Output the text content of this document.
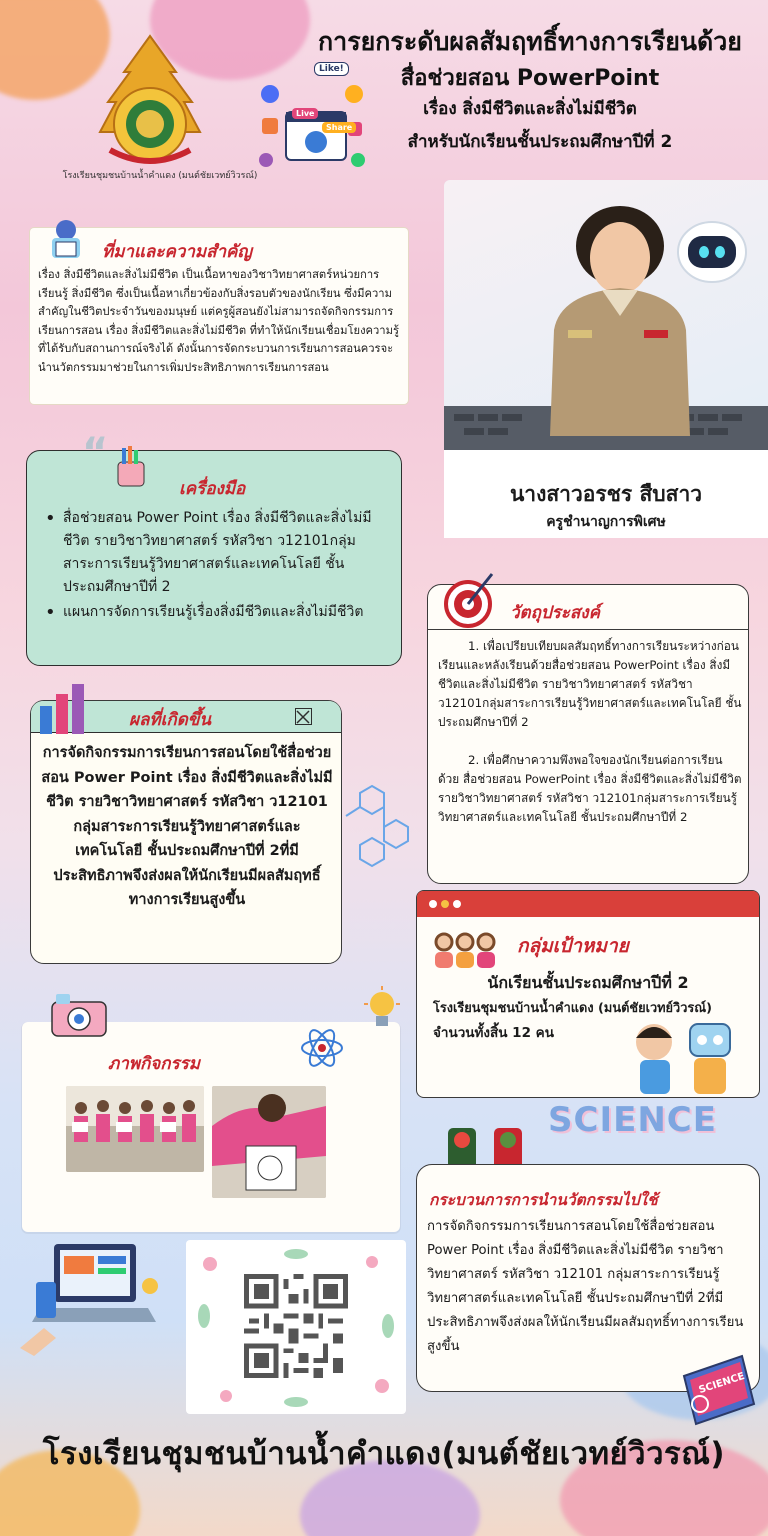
โรงเรียนชุมชนบ้านน้ำคำแดง (มนต์ชัยเวทย์วิวรณ์)
Like!
Live
Share
การยกระดับผลสัมฤทธิ์ทางการเรียนด้วย
สื่อช่วยสอน PowerPoint
เรื่อง สิ่งมีชีวิตและสิ่งไม่มีชีวิต
สำหรับนักเรียนชั้นประถมศึกษาปีที่ 2
ที่มาและความสำคัญ
เรื่อง สิ่งมีชีวิตและสิ่งไม่มีชีวิต เป็นเนื้อหาของวิชาวิทยาศาสตร์หน่วยการเรียนรู้ สิ่งมีชีวิต ซึ่งเป็นเนื้อหาเกี่ยวข้องกับสิ่งรอบตัวของนักเรียน ซึ่งมีความสำคัญในชีวิตประจำวันของมนุษย์ แต่ครูผู้สอนยังไม่สามารถจัดกิจกรรมการเรียนการสอน เรื่อง สิ่งมีชีวิตและสิ่งไม่มีชีวิต ที่ทำให้นักเรียนเชื่อมโยงความรู้ที่ได้รับกับสถานการณ์จริงได้ ดังนั้นการจัดกระบวนการเรียนการสอนควรจะนำนวัตกรรมมาช่วยในการเพิ่มประสิทธิภาพการเรียนการสอน
นางสาวอรชร สืบสาว
ครูชำนาญการพิเศษ
เครื่องมือ
• สื่อช่วยสอน Power Point เรื่อง สิ่งมีชีวิตและสิ่งไม่มีชีวิต รายวิชาวิทยาศาสตร์ รหัสวิชา ว12101กลุ่มสาระการเรียนรู้วิทยาศาสตร์และเทคโนโลยี ชั้นประถมศึกษาปีที่ 2
• แผนการจัดการเรียนรู้เรื่องสิ่งมีชีวิตและสิ่งไม่มีชีวิต
“
วัตถุประสงค์
1. เพื่อเปรียบเทียบผลสัมฤทธิ์ทางการเรียนระหว่างก่อนเรียนและหลังเรียนด้วยสื่อช่วยสอน PowerPoint เรื่อง สิ่งมีชีวิตและสิ่งไม่มีชีวิต รายวิชาวิทยาศาสตร์ รหัสวิชา ว12101กลุ่มสาระการเรียนรู้วิทยาศาสตร์และเทคโนโลยี ชั้นประถมศึกษาปีที่ 2
2. เพื่อศึกษาความพึงพอใจของนักเรียนต่อการเรียนด้วย สื่อช่วยสอน PowerPoint เรื่อง สิ่งมีชีวิตและสิ่งไม่มีชีวิต รายวิชาวิทยาศาสตร์ รหัสวิชา ว12101กลุ่มสาระการเรียนรู้วิทยาศาสตร์และเทคโนโลยี ชั้นประถมศึกษาปีที่ 2
ผลที่เกิดขึ้น
การจัดกิจกรรมการเรียนการสอนโดยใช้สื่อช่วยสอน Power Point เรื่อง สิ่งมีชีวิตและสิ่งไม่มีชีวิต รายวิชาวิทยาศาสตร์ รหัสวิชา ว12101 กลุ่มสาระการเรียนรู้วิทยาศาสตร์และเทคโนโลยี ชั้นประถมศึกษาปีที่ 2ที่มีประสิทธิภาพจึงส่งผลให้นักเรียนมีผลสัมฤทธิ์ทางการเรียนสูงขึ้น
กลุ่มเป้าหมาย
นักเรียนชั้นประถมศึกษาปีที่ 2
โรงเรียนชุมชนบ้านน้ำคำแดง (มนต์ชัยเวทย์วิวรณ์)
จำนวนทั้งสิ้น 12 คน
ภาพกิจกรรม
SCIENCE
กระบวนการการนำนวัตกรรมไปใช้
การจัดกิจกรรมการเรียนการสอนโดยใช้สื่อช่วยสอน Power Point เรื่อง สิ่งมีชีวิตและสิ่งไม่มีชีวิต รายวิชาวิทยาศาสตร์ รหัสวิชา ว12101 กลุ่มสาระการเรียนรู้วิทยาศาสตร์และเทคโนโลยี ชั้นประถมศึกษาปีที่ 2ที่มีประสิทธิภาพจึงส่งผลให้นักเรียนมีผลสัมฤทธิ์ทางการเรียนสูงขึ้น
SCIENCE
โรงเรียนชุมชนบ้านน้ำคำแดง(มนต์ชัยเวทย์วิวรณ์)
